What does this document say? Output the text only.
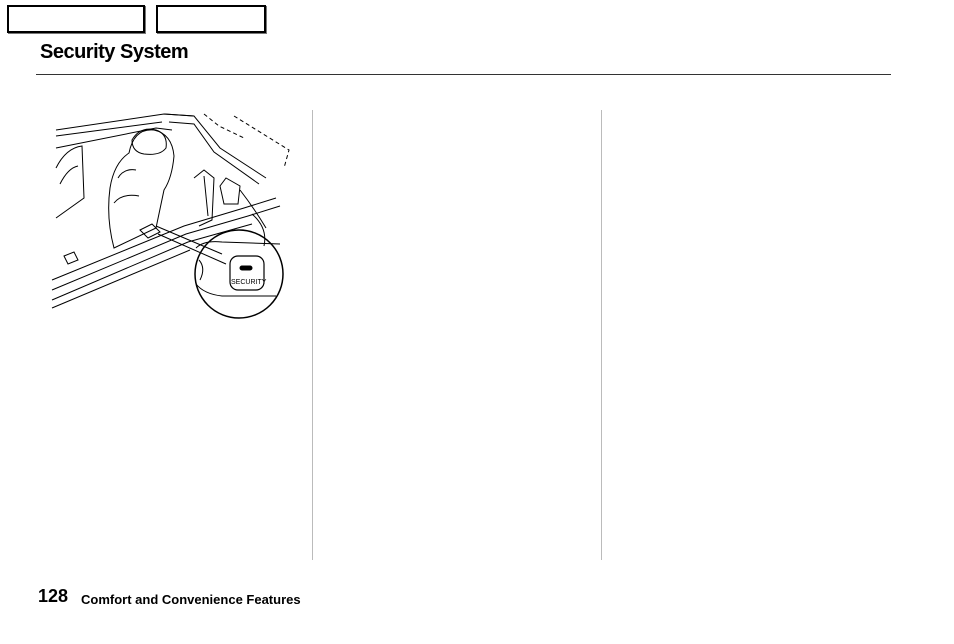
Security System
SECURITY
128 Comfort and Convenience Features
